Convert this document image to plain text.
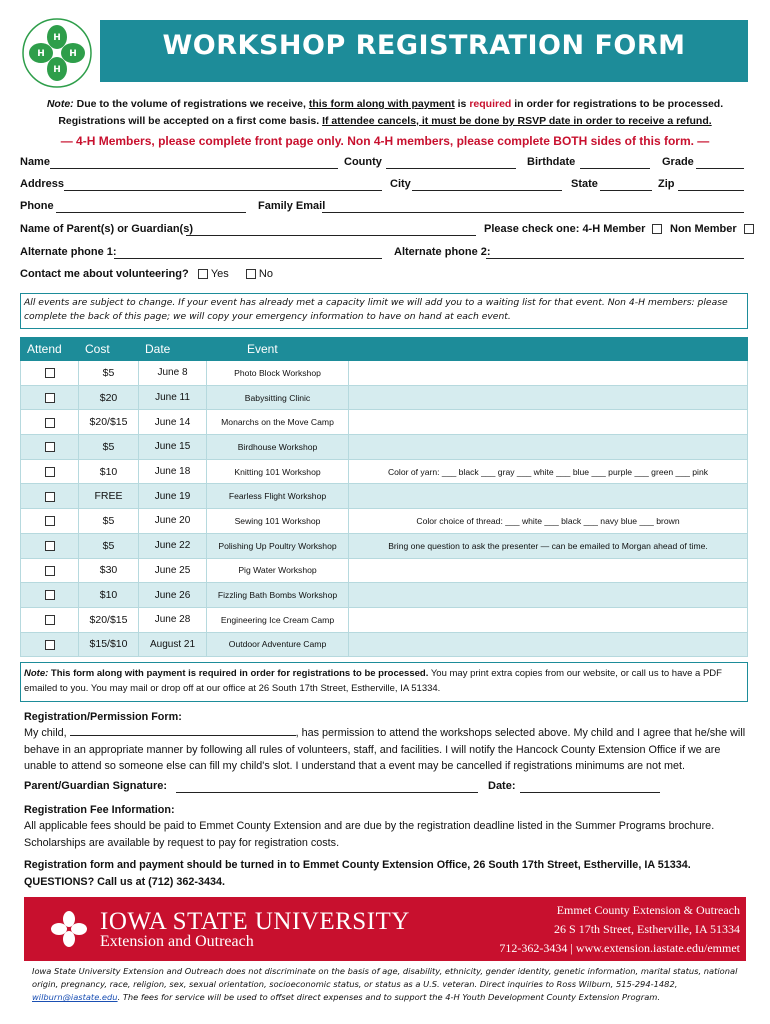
WORKSHOP REGISTRATION FORM
H
H
H	H
Note: Due to the volume of registrations we receive, this form along with payment is required in order for registrations to be processed.
Registrations will be accepted on a first come basis. If attendee cancels, it must be done by RSVP date in order to receive a refund.
— 4-H Members, please complete front page only. Non 4-H members, please complete BOTH sides of this form. —
Name	County	Birthdate	Grade
Address	City	State	Zip
Phone	Family Email
Name of Parent(s) or Guardian(s)	Please check one: 4-H Member	Non Member
Alternate phone 1:	Alternate phone 2:
Contact me about volunteering? Yes	No
All events are subject to change. If your event has already met a capacity limit we will add you to a waiting list for that event. Non 4-H members: please complete the back of this page; we will copy your emergency information to have on hand at each event.
Attend	Cost	Date	Event	
	$5	June 8	Photo Block Workshop	
	$20	June 11	Babysitting Clinic	
	$20/$15	June 14	Monarchs on the Move Camp	
	$5	June 15	Birdhouse Workshop	
	$10	June 18	Knitting 101 Workshop	Color of yarn: ___ black ___ gray ___ white ___ blue ___ purple ___ green ___ pink
	FREE	June 19	Fearless Flight Workshop	
	$5	June 20	Sewing 101 Workshop	Color choice of thread: ___ white ___ black ___ navy blue ___ brown
	$5	June 22	Polishing Up Poultry Workshop	Bring one question to ask the presenter — can be emailed to Morgan ahead of time.
	$30	June 25	Pig Water Workshop	
	$10	June 26	Fizzling Bath Bombs Workshop	
	$20/$15	June 28	Engineering Ice Cream Camp	
	$15/$10	August 21	Outdoor Adventure Camp	
Note: This form along with payment is required in order for registrations to be processed. You may print extra copies from our website, or call us to have a PDF emailed to you. You may mail or drop off at our office at 26 South 17th Street, Estherville, IA 51334.
Registration/Permission Form:
My child,	, has permission to attend the workshops selected above. My child and I agree that he/she will behave in an appropriate manner by following all rules of volunteers, staff, and facilities. I will notify the Hancock County Extension Office if we are unable to attend so someone else can fill my child's slot. I understand that a event may be cancelled if registrations minimums are not met.
Parent/Guardian Signature:	Date:
Registration Fee Information:
All applicable fees should be paid to Emmet County Extension and are due by the registration deadline listed in the Summer Programs brochure. Scholarships are available by request to pay for registration costs.
Registration form and payment should be turned in to Emmet County Extension Office, 26 South 17th Street, Estherville, IA 51334.
QUESTIONS? Call us at (712) 362-3434.
IOWA STATE UNIVERSITY
Extension and Outreach
Emmet County Extension & Outreach
26 S 17th Street, Estherville, IA 51334
712-362-3434 | www.extension.iastate.edu/emmet
Iowa State University Extension and Outreach does not discriminate on the basis of age, disability, ethnicity, gender identity, genetic information, marital status, national origin, pregnancy, race, religion, sex, sexual orientation, socioeconomic status, or status as a U.S. veteran. Direct inquiries to Ross Wilburn, 515-294-1482, wilburn@iastate.edu. The fees for service will be used to offset direct expenses and to support the 4-H Youth Development County Extension Program.
